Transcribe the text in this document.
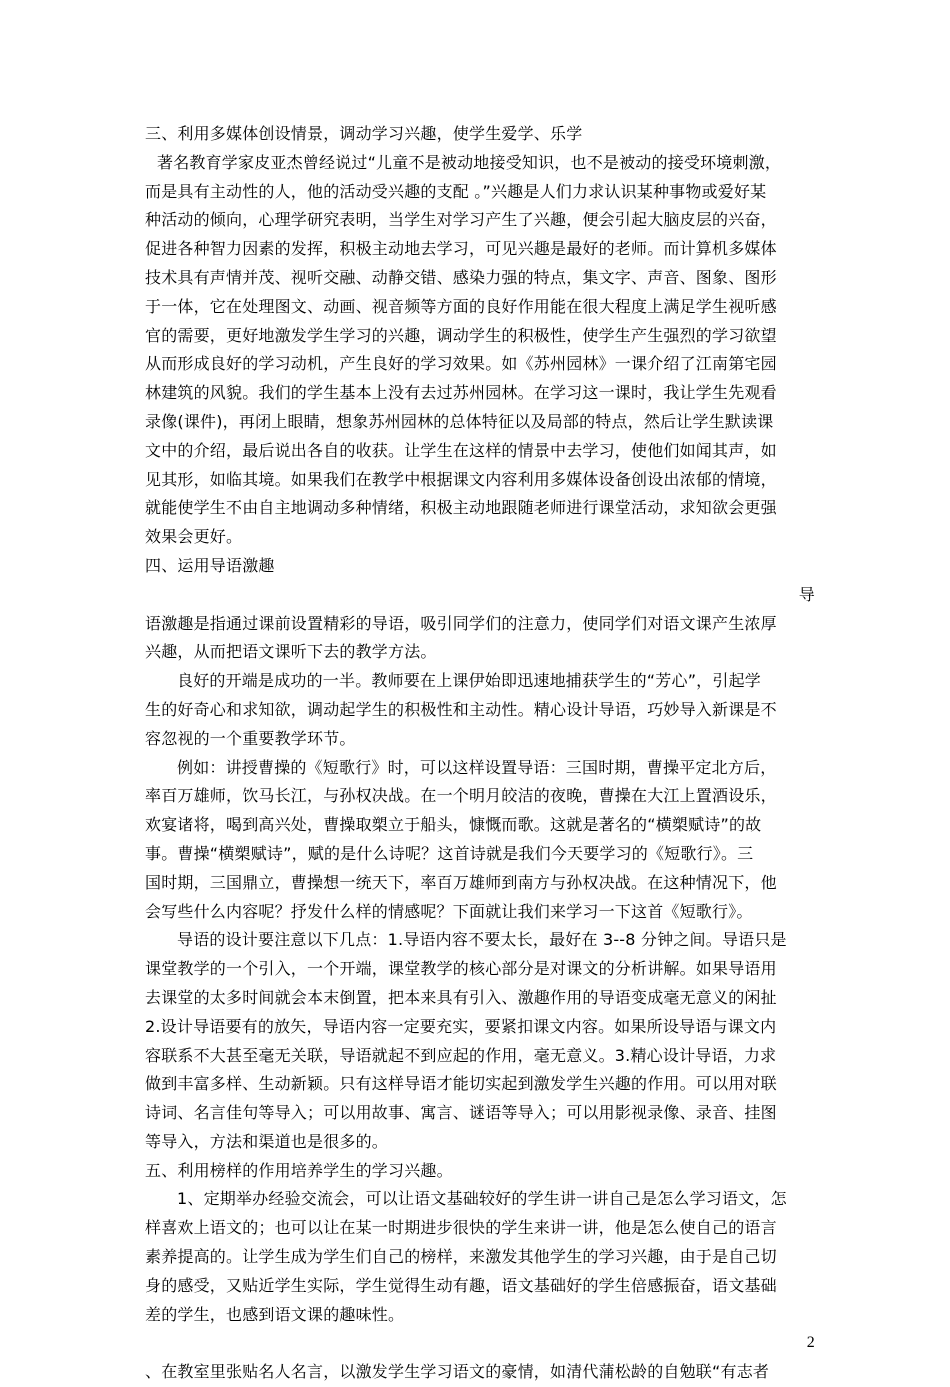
三、利用多媒体创设情景，调动学习兴趣，使学生爱学、乐学
著名教育学家皮亚杰曾经说过“儿童不是被动地接受知识，也不是被动的接受环境刺激，
而是具有主动性的人，他的活动受兴趣的支配 。”兴趣是人们力求认识某种事物或爱好某
种活动的倾向，心理学研究表明，当学生对学习产生了兴趣，便会引起大脑皮层的兴奋，
促进各种智力因素的发挥，积极主动地去学习，可见兴趣是最好的老师。而计算机多媒体
技术具有声情并茂、视听交融、动静交错、感染力强的特点，集文字、声音、图象、图形
于一体，它在处理图文、动画、视音频等方面的良好作用能在很大程度上满足学生视听感
官的需要，更好地激发学生学习的兴趣，调动学生的积极性，使学生产生强烈的学习欲望
从而形成良好的学习动机，产生良好的学习效果。如《苏州园林》一课介绍了江南第宅园
林建筑的风貌。我们的学生基本上没有去过苏州园林。在学习这一课时，我让学生先观看
录像(课件)，再闭上眼睛，想象苏州园林的总体特征以及局部的特点，然后让学生默读课
文中的介绍，最后说出各自的收获。让学生在这样的情景中去学习，使他们如闻其声，如
见其形，如临其境。如果我们在教学中根据课文内容利用多媒体设备创设出浓郁的情境，
就能使学生不由自主地调动多种情绪，积极主动地跟随老师进行课堂活动，求知欲会更强
效果会更好。
四、运用导语激趣
导
语激趣是指通过课前设置精彩的导语，吸引同学们的注意力，使同学们对语文课产生浓厚
兴趣，从而把语文课听下去的教学方法。
良好的开端是成功的一半。教师要在上课伊始即迅速地捕获学生的“芳心”，引起学
生的好奇心和求知欲，调动起学生的积极性和主动性。精心设计导语，巧妙导入新课是不
容忽视的一个重要教学环节。
例如：讲授曹操的《短歌行》时，可以这样设置导语：三国时期，曹操平定北方后，
率百万雄师，饮马长江，与孙权决战。在一个明月皎洁的夜晚，曹操在大江上置酒设乐，
欢宴诸将，喝到高兴处，曹操取槊立于船头，慷慨而歌。这就是著名的“横槊赋诗”的故
事。曹操“横槊赋诗”，赋的是什么诗呢？这首诗就是我们今天要学习的《短歌行》。三
国时期，三国鼎立，曹操想一统天下，率百万雄师到南方与孙权决战。在这种情况下，他
会写些什么内容呢？抒发什么样的情感呢？下面就让我们来学习一下这首《短歌行》。
导语的设计要注意以下几点：1.导语内容不要太长，最好在 3--8 分钟之间。导语只是
课堂教学的一个引入，一个开端，课堂教学的核心部分是对课文的分析讲解。如果导语用
去课堂的太多时间就会本末倒置，把本来具有引入、激趣作用的导语变成毫无意义的闲扯
2.设计导语要有的放矢，导语内容一定要充实，要紧扣课文内容。如果所设导语与课文内
容联系不大甚至毫无关联，导语就起不到应起的作用，毫无意义。3.精心设计导语，力求
做到丰富多样、生动新颖。只有这样导语才能切实起到激发学生兴趣的作用。可以用对联
诗词、名言佳句等导入；可以用故事、寓言、谜语等导入；可以用影视录像、录音、挂图
等导入，方法和渠道也是很多的。
五、利用榜样的作用培养学生的学习兴趣。
1、定期举办经验交流会，可以让语文基础较好的学生讲一讲自己是怎么学习语文，怎
样喜欢上语文的；也可以让在某一时期进步很快的学生来讲一讲，他是怎么使自己的语言
素养提高的。让学生成为学生们自己的榜样，来激发其他学生的学习兴趣，由于是自己切
身的感受，又贴近学生实际，学生觉得生动有趣，语文基础好的学生倍感振奋，语文基础
差的学生，也感到语文课的趣味性。
2
、在教室里张贴名人名言，以激发学生学习语文的豪情，如清代蒲松龄的自勉联“有志者
